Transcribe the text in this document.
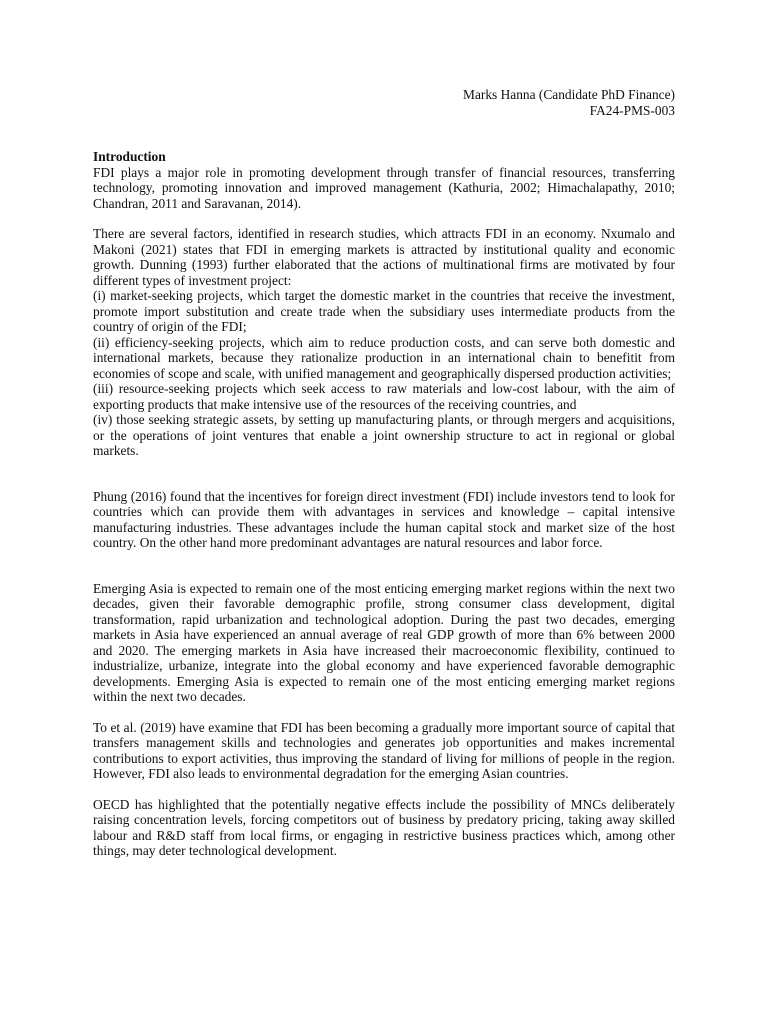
Marks Hanna (Candidate PhD Finance)
FA24-PMS-003

Introduction

FDI plays a major role in promoting development through transfer of financial resources, transferring technology, promoting innovation and improved management (Kathuria, 2002; Himachalapathy, 2010; Chandran, 2011 and Saravanan, 2014).

There are several factors, identified in research studies, which attracts FDI in an economy. Nxumalo and Makoni (2021) states that FDI in emerging markets is attracted by institutional quality and economic growth. Dunning (1993) further elaborated that the actions of multinational firms are motivated by four different types of investment project:

(i) market-seeking projects, which target the domestic market in the countries that receive the investment, promote import substitution and create trade when the subsidiary uses intermediate products from the country of origin of the FDI;

(ii) efficiency-seeking projects, which aim to reduce production costs, and can serve both domestic and international markets, because they rationalize production in an international chain to benefitit from economies of scope and scale, with unified management and geographically dispersed production activities;

(iii) resource-seeking projects which seek access to raw materials and low-cost labour, with the aim of exporting products that make intensive use of the resources of the receiving countries, and

(iv) those seeking strategic assets, by setting up manufacturing plants, or through mergers and acquisitions, or the operations of joint ventures that enable a joint ownership structure to act in regional or global markets.

Phung (2016) found that the incentives for foreign direct investment (FDI) include investors tend to look for countries which can provide them with advantages in services and knowledge – capital intensive manufacturing industries. These advantages include the human capital stock and market size of the host country. On the other hand more predominant advantages are natural resources and labor force.

Emerging Asia is expected to remain one of the most enticing emerging market regions within the next two decades, given their favorable demographic profile, strong consumer class development, digital transformation, rapid urbanization and technological adoption. During the past two decades, emerging markets in Asia have experienced an annual average of real GDP growth of more than 6% between 2000 and 2020. The emerging markets in Asia have increased their macroeconomic flexibility, continued to industrialize, urbanize, integrate into the global economy and have experienced favorable demographic developments. Emerging Asia is expected to remain one of the most enticing emerging market regions within the next two decades.

To et al. (2019) have examine that FDI has been becoming a gradually more important source of capital that transfers management skills and technologies and generates job opportunities and makes incremental contributions to export activities, thus improving the standard of living for millions of people in the region. However, FDI also leads to environmental degradation for the emerging Asian countries.

OECD has highlighted that the potentially negative effects include the possibility of MNCs deliberately raising concentration levels, forcing competitors out of business by predatory pricing, taking away skilled labour and R&D staff from local firms, or engaging in restrictive business practices which, among other things, may deter technological development.
